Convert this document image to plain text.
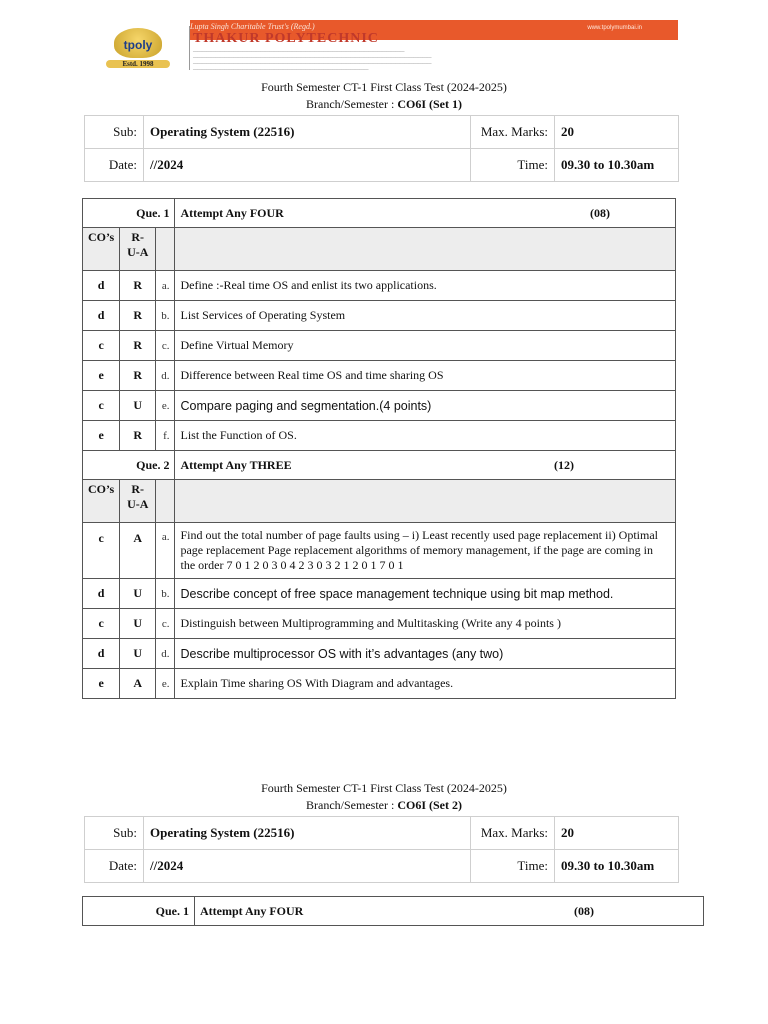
tpoly
Estd. 1998
Lupta Singh Charitable Trust's (Regd.)	www.tpolymumbai.in
THAKUR POLYTECHNIC
______________________________________________________________________________________________
__________________________________________________________________________________________________________
__________________________________________________________________________________________________________
______________________________________________________________________________
Fourth Semester CT-1 First Class Test (2024-2025)
Branch/Semester : CO6I (Set 1)
Sub:	Operating System (22516)	Max. Marks:	20
Date:	//2024	Time:	09.30 to 10.30am
Que. 1			Attempt Any FOUR (08)

CO’s	R-U-A		
d	R	a.	Define :-Real time OS and enlist its two applications.
d	R	b.	List Services of Operating System
c	R	c.	Define Virtual Memory
e	R	d.	Difference between Real time OS and time sharing OS
c	U	e.	Compare paging and segmentation.(4 points)
e	R	f.	List the Function of OS.
Que. 2			Attempt Any THREE (12)

CO’s	R-U-A		
c	A	a.	Find out the total number of page faults using – i) Least recently used page replacement ii) Optimal page replacement Page replacement algorithms of memory management, if the page are coming in the order 7 0 1 2 0 3 0 4 2 3 0 3 2 1 2 0 1 7 0 1
d	U	b.	Describe concept of free space management technique using bit map method.
c	U	c.	Distinguish between Multiprogramming and Multitasking (Write any 4 points )
d	U	d.	Describe multiprocessor OS with it’s advantages (any two)
e	A	e.	Explain Time sharing OS With Diagram and advantages.
Fourth Semester CT-1 First Class Test (2024-2025)
Branch/Semester : CO6I (Set 2)
Sub:	Operating System (22516)	Max. Marks:	20
Date:	//2024	Time:	09.30 to 10.30am
Que. 1	Attempt Any FOUR	(08)
